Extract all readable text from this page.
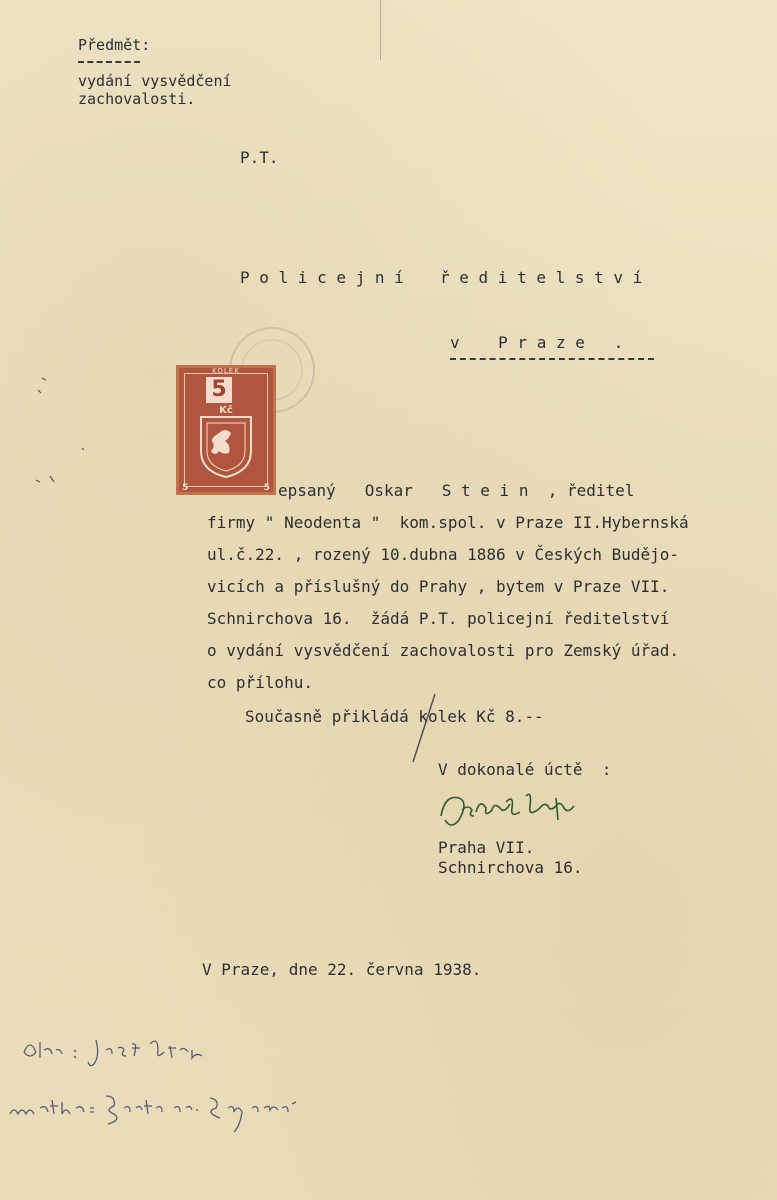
Předmět:
vydání vysvědčení
zachovalosti.
P.T.
P o l i c e j n í ř e d i t e l s t v í
v    P r a z e   .
KOLEK
5
Kč
5	5 epsaný   Oskar   S t e i n  , ředitel
firmy " Neodenta "  kom.spol. v Praze II.Hybernská
ul.č.22. , rozený 10.dubna 1886 v Českých Budějo-
vicích a příslušný do Prahy , bytem v Praze VII.
Schnirchova 16.  žádá P.T. policejní ředitelství
o vydání vysvědčení zachovalosti pro Zemský úřad.
co přílohu.
Současně přikládá kolek Kč 8.--
V dokonalé úctě  :
Praha VII.
Schnirchova 16.
V Praze, dne 22. června 1938.
